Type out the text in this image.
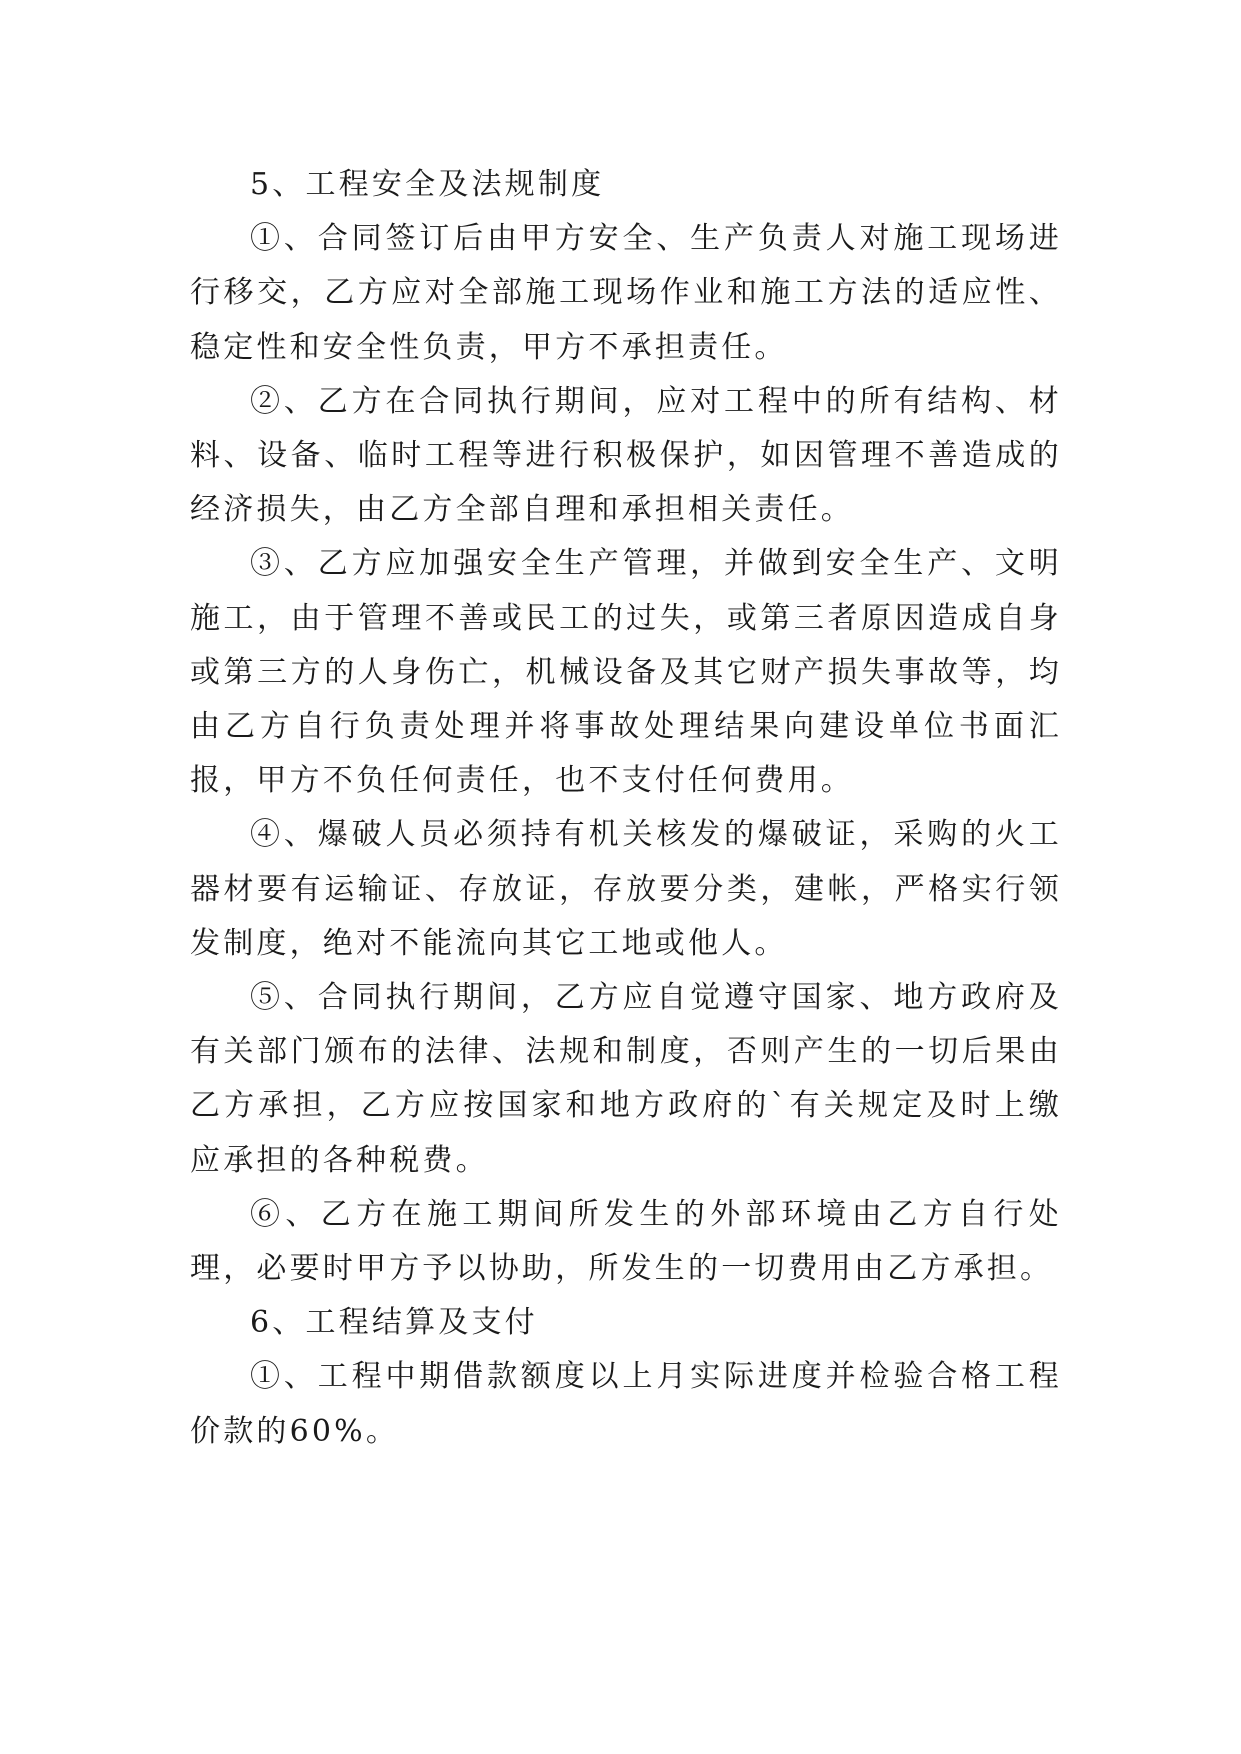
5、工程安全及法规制度

①、合同签订后由甲方安全、生产负责人对施工现场进行移交，乙方应对全部施工现场作业和施工方法的适应性、稳定性和安全性负责，甲方不承担责任。

②、乙方在合同执行期间，应对工程中的所有结构、材料、设备、临时工程等进行积极保护，如因管理不善造成的经济损失，由乙方全部自理和承担相关责任。

③、乙方应加强安全生产管理，并做到安全生产、文明施工，由于管理不善或民工的过失，或第三者原因造成自身或第三方的人身伤亡，机械设备及其它财产损失事故等，均由乙方自行负责处理并将事故处理结果向建设单位书面汇报，甲方不负任何责任，也不支付任何费用。

④、爆破人员必须持有机关核发的爆破证，采购的火工器材要有运输证、存放证，存放要分类，建帐，严格实行领发制度，绝对不能流向其它工地或他人。

⑤、合同执行期间，乙方应自觉遵守国家、地方政府及有关部门颁布的法律、法规和制度，否则产生的一切后果由乙方承担，乙方应按国家和地方政府的`有关规定及时上缴应承担的各种税费。

⑥、乙方在施工期间所发生的外部环境由乙方自行处理，必要时甲方予以协助，所发生的一切费用由乙方承担。

6、工程结算及支付

①、工程中期借款额度以上月实际进度并检验合格工程价款的60%。
